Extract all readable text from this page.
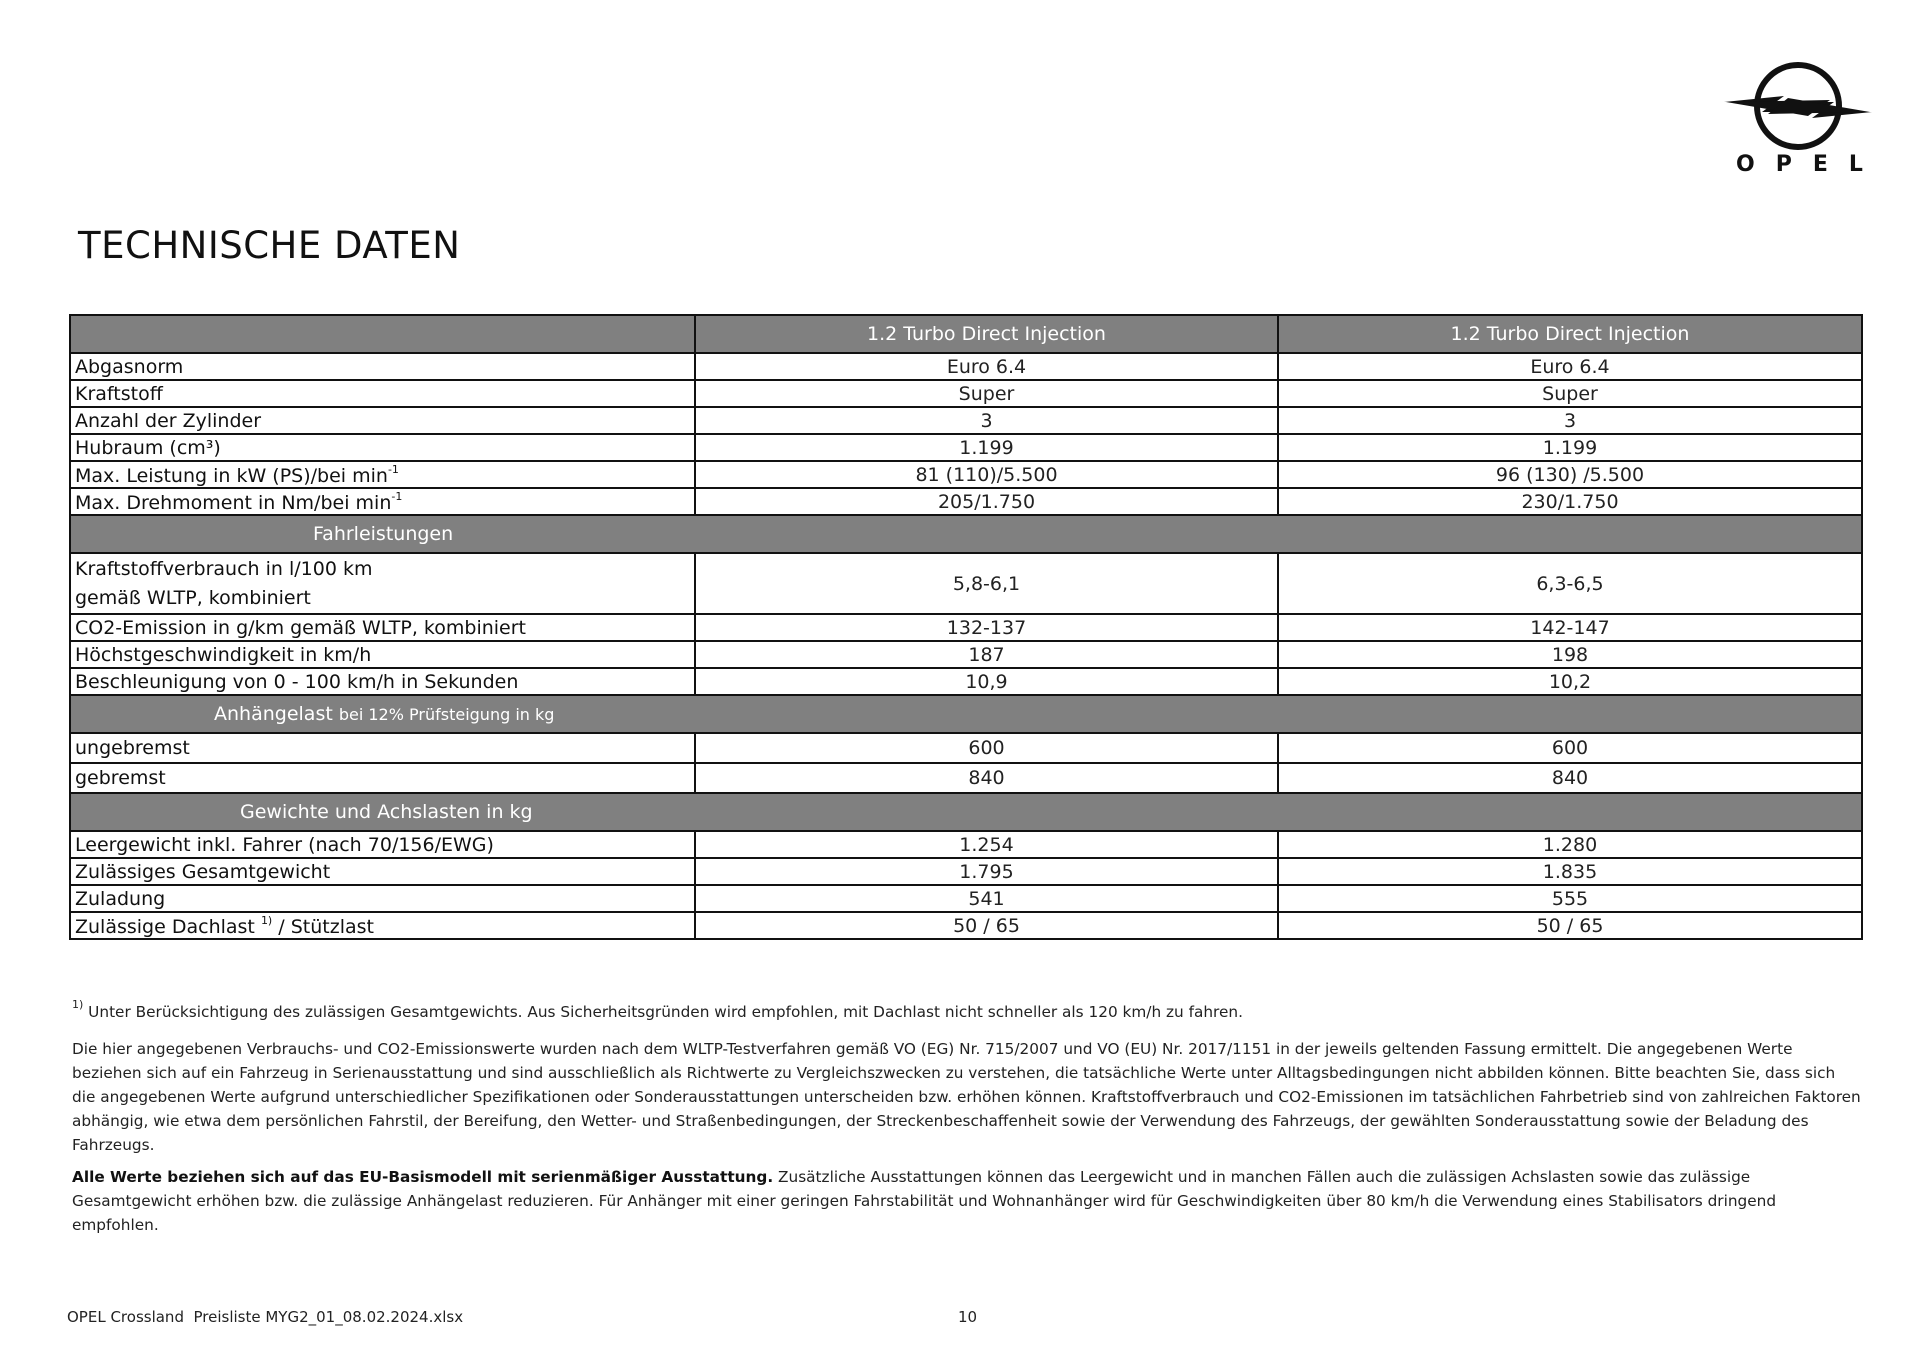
OPEL
TECHNISCHE DATEN
	1.2 Turbo Direct Injection	1.2 Turbo Direct Injection
Abgasnorm	Euro 6.4	Euro 6.4
Kraftstoff	Super	Super
Anzahl der Zylinder	3	3
Hubraum (cm³)	1.199	1.199
Max. Leistung in kW (PS)/bei $\min^{-1}$	81 (110)/5.500	96 (130) /5.500
Max. Drehmoment in Nm/bei $\min^{-1}$	205/1.750	230/1.750
Fahrleistungen		
Kraftstoffverbrauch in l/100 km
gemäß WLTP, kombiniert	5,8-6,1	6,3-6,5
CO2-Emission in g/km gemäß WLTP, kombiniert	132-137	142-147
Höchstgeschwindigkeit in km/h	187	198
Beschleunigung von 0 - 100 km/h in Sekunden	10,9	10,2
Anhängelast bei 12% Prüfsteigung in kg		
ungebremst	600	600
gebremst	840	840
Gewichte und Achslasten in kg		
Leergewicht inkl. Fahrer (nach 70/156/EWG)	1.254	1.280
Zulässiges Gesamtgewicht	1.795	1.835
Zuladung	541	555
Zulässige Dachlast $^{1)}$ / Stützlast	50 / 65	50 / 65
$^{1)}$ Unter Berücksichtigung des zulässigen Gesamtgewichts. Aus Sicherheitsgründen wird empfohlen, mit Dachlast nicht schneller als 120 km/h zu fahren.
Die hier angegebenen Verbrauchs- und CO2-Emissionswerte wurden nach dem WLTP-Testverfahren gemäß VO (EG) Nr. 715/2007 und VO (EU) Nr. 2017/1151 in der jeweils geltenden Fassung ermittelt. Die angegebenen Werte beziehen sich auf ein Fahrzeug in Serienausstattung und sind ausschließlich als Richtwerte zu Vergleichszwecken zu verstehen, die tatsächliche Werte unter Alltagsbedingungen nicht abbilden können. Bitte beachten Sie, dass sich die angegebenen Werte aufgrund unterschiedlicher Spezifikationen oder Sonderausstattungen unterscheiden bzw. erhöhen können. Kraftstoffverbrauch und CO2-Emissionen im tatsächlichen Fahrbetrieb sind von zahlreichen Faktoren abhängig, wie etwa dem persönlichen Fahrstil, der Bereifung, den Wetter- und Straßenbedingungen, der Streckenbeschaffenheit sowie der Verwendung des Fahrzeugs, der gewählten Sonderausstattung sowie der Beladung des Fahrzeugs.
Alle Werte beziehen sich auf das EU-Basismodell mit serienmäßiger Ausstattung. Zusätzliche Ausstattungen können das Leergewicht und in manchen Fällen auch die zulässigen Achslasten sowie das zulässige Gesamtgewicht erhöhen bzw. die zulässige Anhängelast reduzieren. Für Anhänger mit einer geringen Fahrstabilität und Wohnanhänger wird für Geschwindigkeiten über 80 km/h die Verwendung eines Stabilisators dringend empfohlen.
OPEL Crossland  Preisliste MYG2_01_08.02.2024.xlsx	10
